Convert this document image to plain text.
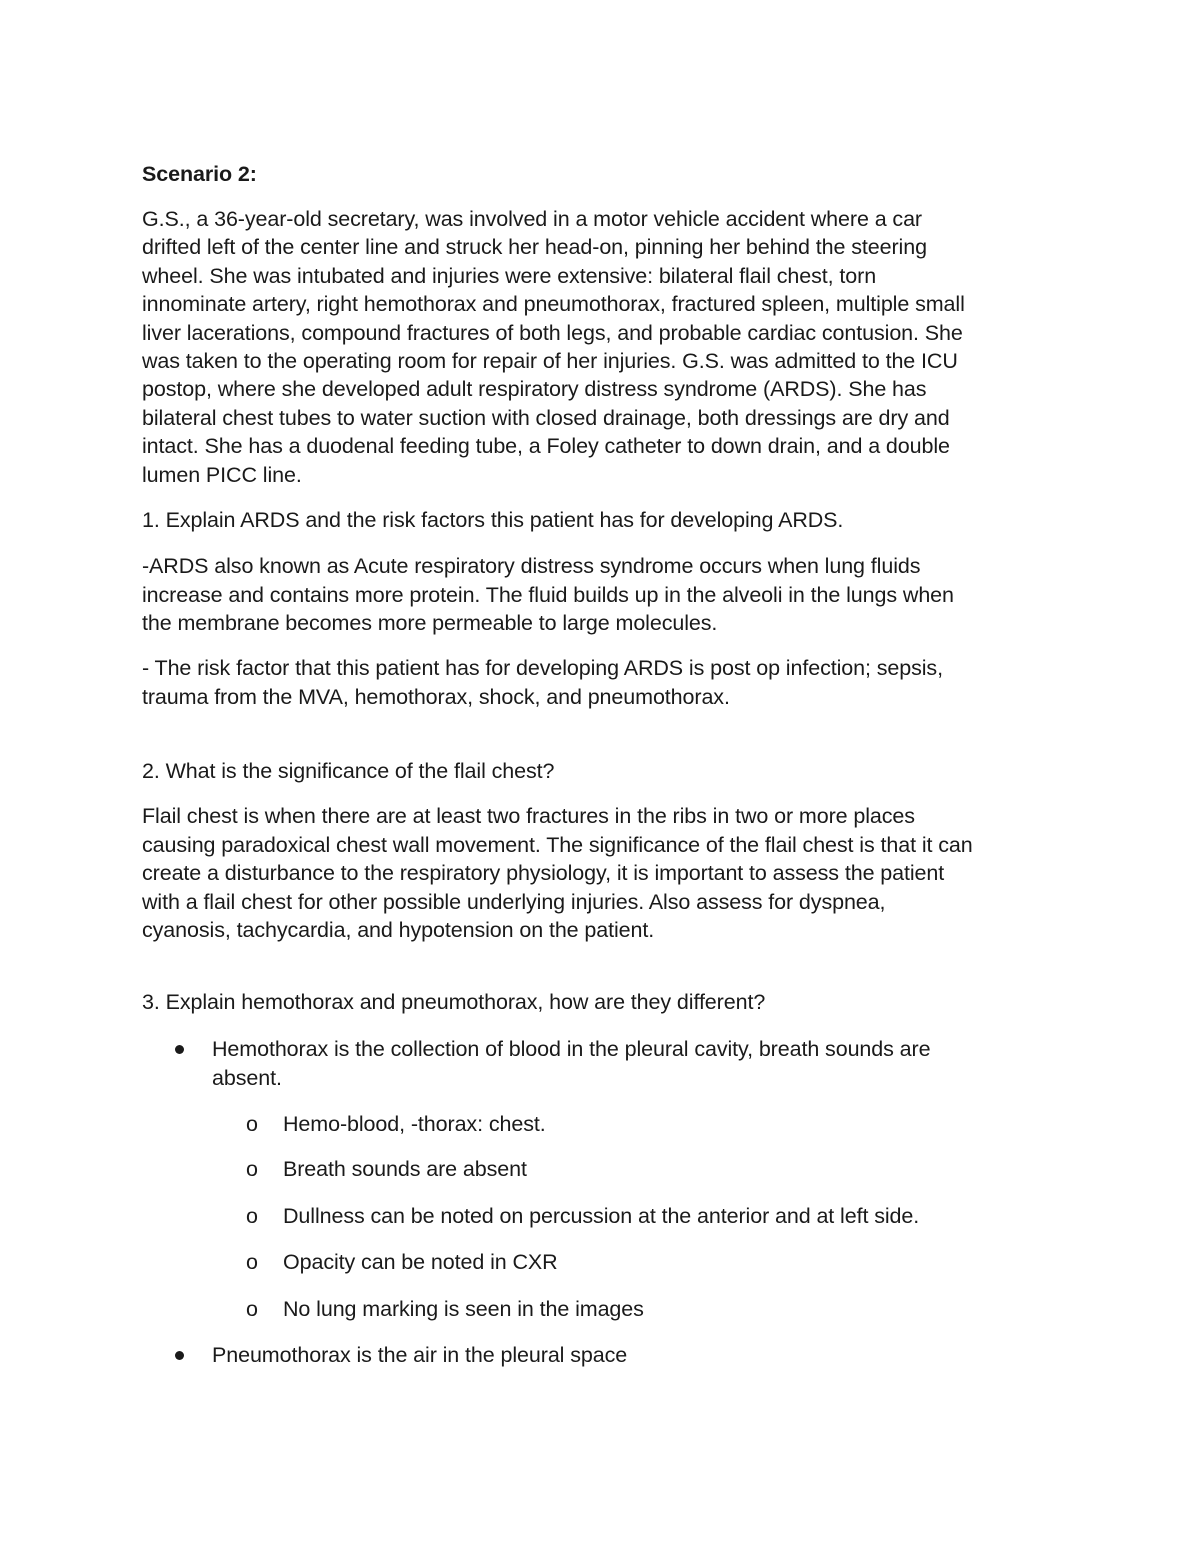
Scenario 2:
G.S., a 36-year-old secretary, was involved in a motor vehicle accident where a car
drifted left of the center line and struck her head-on, pinning her behind the steering
wheel. She was intubated and injuries were extensive: bilateral flail chest, torn
innominate artery, right hemothorax and pneumothorax, fractured spleen, multiple small
liver lacerations, compound fractures of both legs, and probable cardiac contusion. She
was taken to the operating room for repair of her injuries. G.S. was admitted to the ICU
postop, where she developed adult respiratory distress syndrome (ARDS). She has
bilateral chest tubes to water suction with closed drainage, both dressings are dry and
intact. She has a duodenal feeding tube, a Foley catheter to down drain, and a double
lumen PICC line.
1. Explain ARDS and the risk factors this patient has for developing ARDS.
-ARDS also known as Acute respiratory distress syndrome occurs when lung fluids
increase and contains more protein. The fluid builds up in the alveoli in the lungs when
the membrane becomes more permeable to large molecules.
- The risk factor that this patient has for developing ARDS is post op infection; sepsis,
trauma from the MVA, hemothorax, shock, and pneumothorax.
2. What is the significance of the flail chest?
Flail chest is when there are at least two fractures in the ribs in two or more places
causing paradoxical chest wall movement. The significance of the flail chest is that it can
create a disturbance to the respiratory physiology, it is important to assess the patient
with a flail chest for other possible underlying injuries. Also assess for dyspnea,
cyanosis, tachycardia, and hypotension on the patient.
3. Explain hemothorax and pneumothorax, how are they different?
Hemothorax is the collection of blood in the pleural cavity, breath sounds are
absent.
o Hemo-blood, -thorax: chest.
o Breath sounds are absent
o Dullness can be noted on percussion at the anterior and at left side.
o Opacity can be noted in CXR
o No lung marking is seen in the images
Pneumothorax is the air in the pleural space
